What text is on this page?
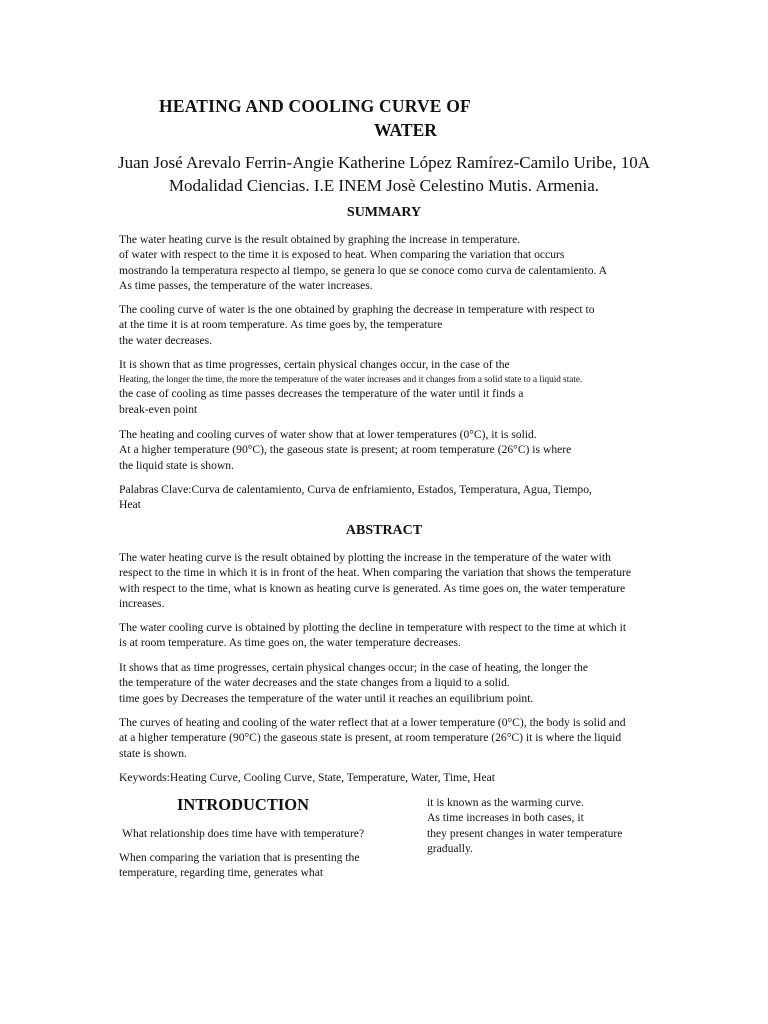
HEATING AND COOLING CURVE OF
WATER
Juan José Arevalo Ferrin-Angie Katherine López Ramírez-Camilo Uribe, 10A
Modalidad Ciencias. I.E INEM Josè Celestino Mutis. Armenia.
SUMMARY
The water heating curve is the result obtained by graphing the increase in temperature.
of water with respect to the time it is exposed to heat. When comparing the variation that occurs
mostrando la temperatura respecto al tiempo, se genera lo que se conoce como curva de calentamiento. A
As time passes, the temperature of the water increases.
The cooling curve of water is the one obtained by graphing the decrease in temperature with respect to
at the time it is at room temperature. As time goes by, the temperature
the water decreases.
It is shown that as time progresses, certain physical changes occur, in the case of the
Heating, the longer the time, the more the temperature of the water increases and it changes from a solid state to a liquid state.
the case of cooling as time passes decreases the temperature of the water until it finds a
break-even point
The heating and cooling curves of water show that at lower temperatures (0°C), it is solid.
At a higher temperature (90°C), the gaseous state is present; at room temperature (26°C) is where
the liquid state is shown.
Palabras Clave:Curva de calentamiento, Curva de enfriamiento, Estados, Temperatura, Agua, Tiempo,
Heat
ABSTRACT
The water heating curve is the result obtained by plotting the increase in the temperature of the water with
respect to the time in which it is in front of the heat. When comparing the variation that shows the temperature
with respect to the time, what is known as heating curve is generated. As time goes on, the water temperature
increases.
The water cooling curve is obtained by plotting the decline in temperature with respect to the time at which it
is at room temperature. As time goes on, the water temperature decreases.
It shows that as time progresses, certain physical changes occur; in the case of heating, the longer the
the temperature of the water decreases and the state changes from a liquid to a solid.
time goes by Decreases the temperature of the water until it reaches an equilibrium point.
The curves of heating and cooling of the water reflect that at a lower temperature (0°C), the body is solid and
at a higher temperature (90°C) the gaseous state is present, at room temperature (26°C) it is where the liquid
state is shown.
Keywords:Heating Curve, Cooling Curve, State, Temperature, Water, Time, Heat
INTRODUCTION
What relationship does time have with temperature?
When comparing the variation that is presenting the
temperature, regarding time, generates what
it is known as the warming curve.
As time increases in both cases, it
they present changes in water temperature
gradually.
